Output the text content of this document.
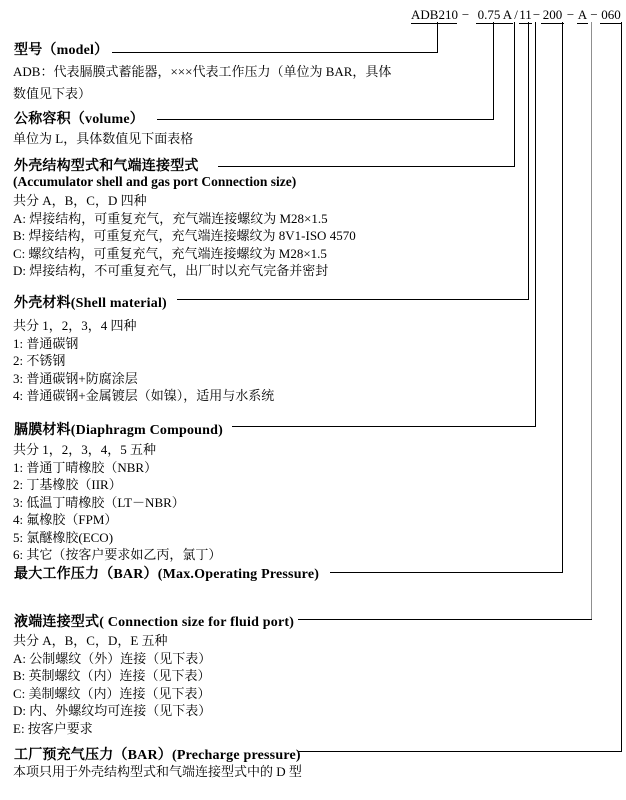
ADB210 − 0.75 A / 11 − 200 − A − 060
型号（model）
ADB：代表膈膜式蓄能器，×××代表工作压力（单位为 BAR，具体
数值见下表）
公称容积（volume）
单位为 L，具体数值见下面表格
外壳结构型式和气端连接型式
(Accumulator shell and gas port Connection size)
共分 A，B，C，D 四种
A: 焊接结构，可重复充气，充气端连接螺纹为 M28×1.5
B: 焊接结构，可重复充气，充气端连接螺纹为 8V1-ISO 4570
C: 螺纹结构，可重复充气，充气端连接螺纹为 M28×1.5
D: 焊接结构，不可重复充气，出厂时以充气完备并密封
外壳材料(Shell material)
共分 1，2，3，4 四种
1: 普通碳钢
2: 不锈钢
3: 普通碳钢+防腐涂层
4: 普通碳钢+金属镀层（如镍），适用与水系统
膈膜材料(Diaphragm Compound)
共分 1，2，3，4，5 五种
1: 普通丁晴橡胶（NBR）
2: 丁基橡胶（IIR）
3: 低温丁晴橡胶（LT－NBR）
4: 氟橡胶（FPM）
5: 氯醚橡胶(ECO)
6: 其它（按客户要求如乙丙，氯丁）
最大工作压力（BAR）(Max.Operating Pressure)
液端连接型式( Connection size for fluid port)
共分 A，B，C，D，E 五种
A: 公制螺纹（外）连接（见下表）
B: 英制螺纹（内）连接（见下表）
C: 美制螺纹（内）连接（见下表）
D: 内、外螺纹均可连接（见下表）
E: 按客户要求
工厂预充气压力（BAR）(Precharge pressure)
本项只用于外壳结构型式和气端连接型式中的 D 型
